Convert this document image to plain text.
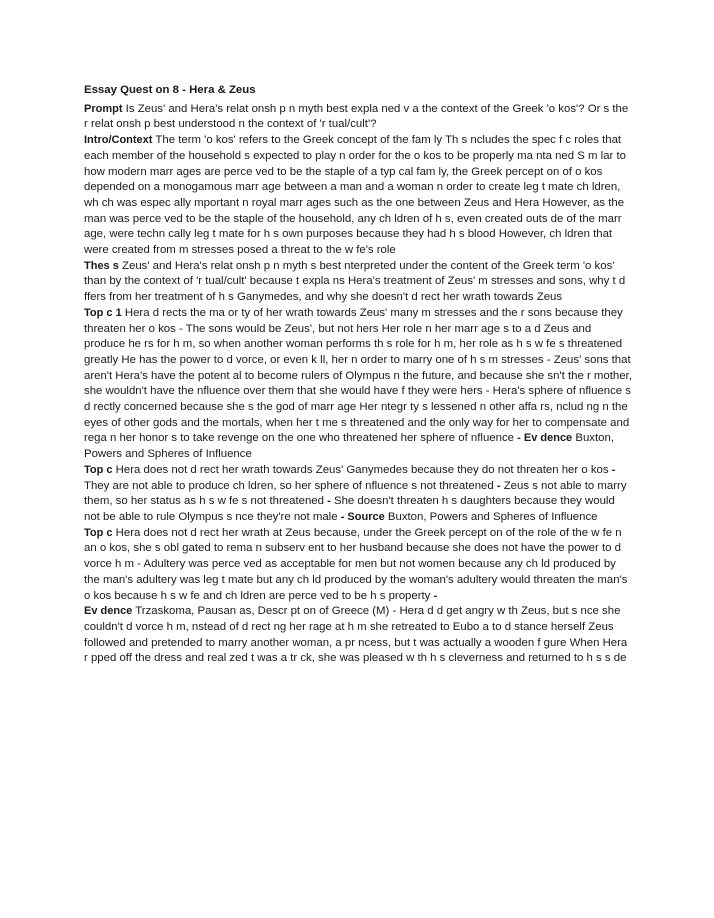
Essay Quest on 8 - Hera & Zeus

Prompt Is Zeus' and Hera's relat onsh p n myth best expla ned v a the context of the Greek 'o kos'? Or s the r relat onsh p best understood n the context of 'r tual/cult'?

Intro/Context The term 'o kos' refers to the Greek concept of the fam ly Th s ncludes the spec f c roles that each member of the household s expected to play n order for the o kos to be properly ma nta ned S m lar to how modern marr ages are perce ved to be the staple of a typ cal fam ly, the Greek percept on of o kos depended on a monogamous marr age between a man and a woman n order to create leg t mate ch ldren, wh ch was espec ally mportant n royal marr ages such as the one between Zeus and Hera However, as the man was perce ved to be the staple of the household, any ch ldren of h s, even created outs de of the marr age, were techn cally leg t mate for h s own purposes because they had h s blood However, ch ldren that were created from m stresses posed a threat to the w fe's role

Thes s Zeus' and Hera's relat onsh p n myth s best nterpreted under the content of the Greek term 'o kos' than by the context of 'r tual/cult' because t expla ns Hera's treatment of Zeus' m stresses and sons, why t d ffers from her treatment of h s Ganymedes, and why she doesn't d rect her wrath towards Zeus

Top c 1 Hera d rects the ma or ty of her wrath towards Zeus' many m stresses and the r sons because they threaten her o kos - The sons would be Zeus', but not hers Her role n her marr age s to a d Zeus and produce he rs for h m, so when another woman performs th s role for h m, her role as h s w fe s threatened greatly He has the power to d vorce, or even k ll, her n order to marry one of h s m stresses - Zeus' sons that aren't Hera's have the potent al to become rulers of Olympus n the future, and because she sn't the r mother, she wouldn't have the nfluence over them that she would have f they were hers - Hera's sphere of nfluence s d rectly concerned because she s the god of marr age Her ntegr ty s lessened n other affa rs, nclud ng n the eyes of other gods and the mortals, when her t me s threatened and the only way for her to compensate and rega n her honor s to take revenge on the one who threatened her sphere of nfluence - Ev dence Buxton, Powers and Spheres of Influence

Top c Hera does not d rect her wrath towards Zeus' Ganymedes because they do not threaten her o kos - They are not able to produce ch ldren, so her sphere of nfluence s not threatened - Zeus s not able to marry them, so her status as h s w fe s not threatened - She doesn't threaten h s daughters because they would not be able to rule Olympus s nce they're not male - Source Buxton, Powers and Spheres of Influence

Top c Hera does not d rect her wrath at Zeus because, under the Greek percept on of the role of the w fe n an o kos, she s obl gated to rema n subserv ent to her husband because she does not have the power to d vorce h m - Adultery was perce ved as acceptable for men but not women because any ch ld produced by the man's adultery was leg t mate but any ch ld produced by the woman's adultery would threaten the man's o kos because h s w fe and ch ldren are perce ved to be h s property -

Ev dence Trzaskoma, Pausan as, Descr pt on of Greece (M) - Hera d d get angry w th Zeus, but s nce she couldn't d vorce h m, nstead of d rect ng her rage at h m she retreated to Eubo a to d stance herself Zeus followed and pretended to marry another woman, a pr ncess, but t was actually a wooden f gure When Hera r pped off the dress and real zed t was a tr ck, she was pleased w th h s cleverness and returned to h s s de
